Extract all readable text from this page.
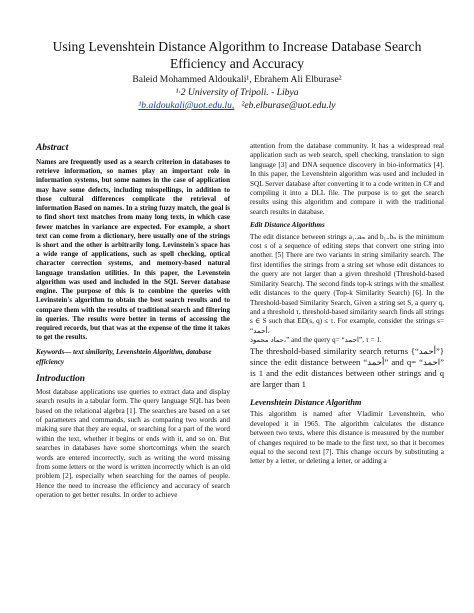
Using Levenshtein Distance Algorithm to Increase Database Search
Efficiency and Accuracy
Baleid Mohammed Aldoukali¹, Ebrahem Ali Elburase²
¹·2 University of Tripoli. - Libya
¹b.aldoukali@uot.edu.lu, ²eb.elburase@uot.edu.ly
Abstract

Names are frequently used as a search criterion in databases to retrieve information, so names play an important role in information systems, but some names in the case of application may have some defects, including misspellings, in addition to those cultural differences complicate the retrieval of information Based on names. In a string fuzzy match, the goal is to find short text matches from many long texts, in which case fewer matches in variance are expected. For example, a short text can come from a dictionary, here usually one of the strings is short and the other is arbitrarily long. Levinstein's space has a wide range of applications, such as spell checking, optical character correction systems, and memory-based natural language translation utilities. In this paper, the Levenstein algorithm was used and included in the SQL Server database engine. The purpose of this is to combine the queries with Levinstein's algorithm to obtain the best search results and to compare them with the results of traditional search and filtering in queries. The results were better in terms of accessing the required records, but that was at the expense of the time it takes to get the results.

Keywords— text similarity, Levenshtein Algorithm, database efficiency

Introduction

Most database applications use queries to extract data and display search results in a tabular form. The query language SQL has been based on the relational algebra [1]. The searches are based on a set of parameters and commands, such as comparing two words and making sure that they are equal, or searching for a part of the word within the text, whether it begins or ends with it, and so on. But searches in databases have some shortcomings when the search words are entered incorrectly, such as writing the word missing from some letters or the word is written incorrectly which is an old problem [2], especially when searching for the names of people. Hence the need to increase the efficiency and accuracy of search operation to get better results. In order to achieve

attention from the database community. It has a widespread real application such as web search, spell checking, translation to sign language [3] and DNA sequence discovery in bio-informatics [4]. In this paper, the Levenshtein algorithm was used and included in SQL Server database after converting it to a code written in C# and compiling it into a DLL file. The purpose is to get the search results using this algorithm and compare it with the traditional search results in database.

Edit Distance Algorithms

The edit distance between strings a₁..aₘ and b₁..bₙ is the minimum cost s of a sequence of editing steps that convert one string into another. [5] There are two variants in string similarity search. The first identifies the strings from a string set whose edit distances to the query are not larger than a given threshold (Threshold-based Similarity Search). The second finds top-k strings with the smallest edit distances to the query (Top-k Similarity Search) [6]. In the Threshold-based Similarity Search, Given a string set S, a query q, and a threshold τ, threshold-based similarity search finds all strings s ∈ S such that ED(s, q) ≤ τ. For example, consider the strings s= “أحمد،
حماد محمود،” and the query q= “احمد”, τ = 1.

The threshold-based similarity search returns {“أحمد”} since the edit distance between “أحمد” and q= “احمد” is 1 and the edit distances between other strings and q are larger than 1

Levenshtein Distance Algorithm

This algorithm is named after Vladimir Levenshtein, who developed it in 1965. The algorithm calculates the distance between two texts, where this distance is measured by the number of changes required to be made to the first text, so that it becomes equal to the second text [7]. This change occurs by substituting a letter by a letter, or deleting a letter, or adding a
